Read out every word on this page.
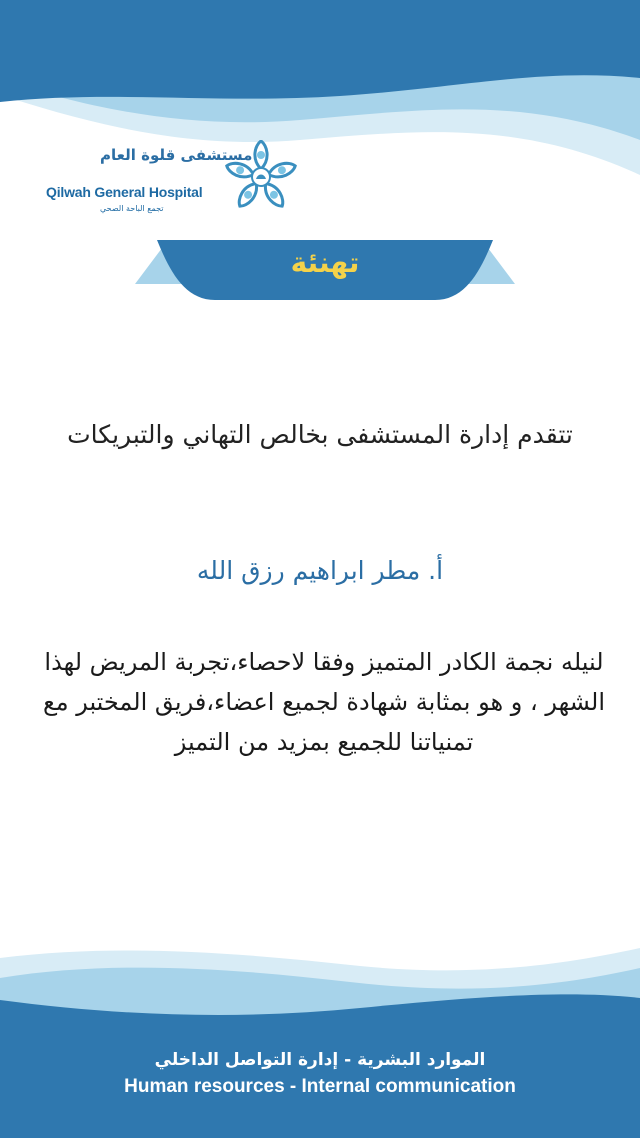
مستشفى قلوة العام
Qilwah General Hospital
تجمع الباحة الصحي
تهنئة
تتقدم إدارة المستشفى بخالص التهاني والتبريكات
أ. مطر ابراهيم رزق الله
لنيله نجمة الكادر المتميز وفقا لاحصاء،تجربة المريض لهذا
الشهر ، و هو بمثابة شهادة لجميع اعضاء،فريق المختبر مع
تمنياتنا للجميع بمزيد من التميز
الموارد البشرية - إدارة التواصل الداخلي
Human resources - Internal communication
